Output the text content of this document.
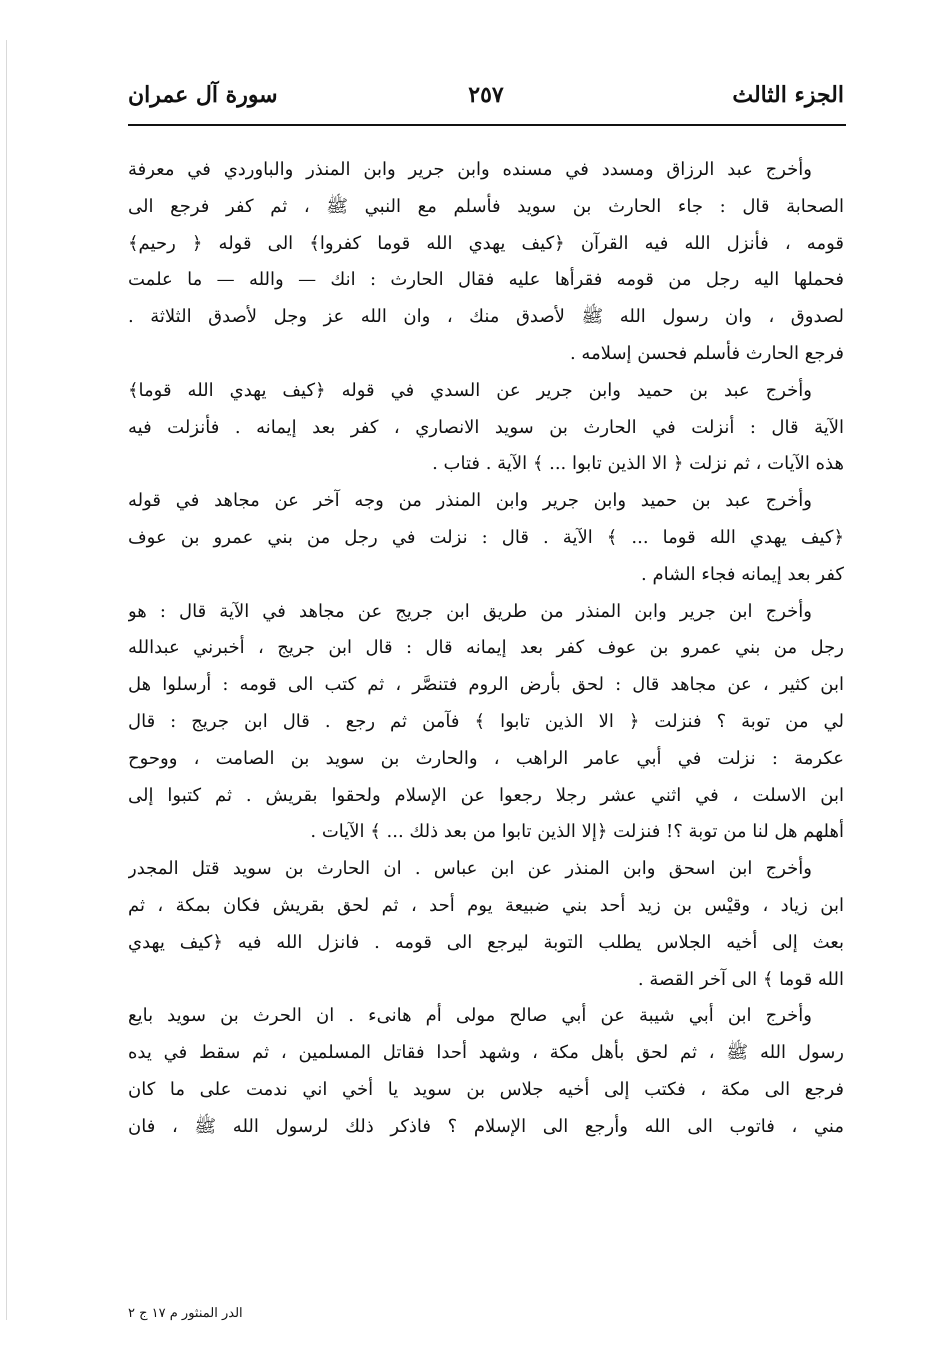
الجزء الثالث
٢٥٧
سورة آل عمران
وأخرج عبد الرزاق ومسدد في مسنده وابن جرير وابن المنذر والباوردي في معرفة
الصحابة قال : جاء الحارث بن سويد فأسلم مع النبي ﷺ ، ثم كفر فرجع الى
قومه ، فأنزل الله فيه القرآن ﴿كيف يهدي الله قوما كفروا﴾ الى قوله ﴿ رحيم﴾
فحملها اليه رجل من قومه فقرأها عليه فقال الحارث : انك — والله — ما علمت
لصدوق ، وان رسول الله ﷺ لأصدق منك ، وان الله عز وجل لأصدق الثلاثة .
فرجع الحارث فأسلم فحسن إسلامه .
وأخرج عبد بن حميد وابن جرير عن السدي في قوله ﴿كيف يهدي الله قوما﴾
الآية قال : أنزلت في الحارث بن سويد الانصاري ، كفر بعد إيمانه . فأنزلت فيه
هذه الآيات ، ثم نزلت ﴿ الا الذين تابوا ... ﴾ الآية . فتاب .
وأخرج عبد بن حميد وابن جرير وابن المنذر من وجه آخر عن مجاهد في قوله
﴿كيف يهدي الله قوما ... ﴾ الآية . قال : نزلت في رجل من بني عمرو بن عوف
كفر بعد إيمانه فجاء الشام .
وأخرج ابن جرير وابن المنذر من طريق ابن جريج عن مجاهد في الآية قال : هو
رجل من بني عمرو بن عوف كفر بعد إيمانه قال : قال ابن جريج ، أخبرني عبدالله
ابن كثير ، عن مجاهد قال : لحق بأرض الروم فتنصَّر ، ثم كتب الى قومه : أرسلوا هل
لي من توبة ؟ فنزلت ﴿ الا الذين تابوا ﴾ فآمن ثم رجع . قال ابن جريج : قال
عكرمة : نزلت في أبي عامر الراهب ، والحارث بن سويد بن الصامت ، ووحوح
ابن الاسلت ، في اثني عشر رجلا رجعوا عن الإسلام ولحقوا بقريش . ثم كتبوا إلى
أهلهم هل لنا من توبة ؟! فنزلت ﴿إلا الذين تابوا من بعد ذلك ... ﴾ الآيات .
وأخرج ابن اسحق وابن المنذر عن ابن عباس . ان الحارث بن سويد قتل المجدر
ابن زياد ، وقيْس بن زيد أحد بني ضبيعة يوم أحد ، ثم لحق بقريش فكان بمكة ، ثم
بعث إلى أخيه الجلاس يطلب التوبة ليرجع الى قومه . فانزل الله فيه ﴿كيف يهدي
الله قوما ﴾ الى آخر القصة .
وأخرج ابن أبي شيبة عن أبي صالح مولى أم هانىء . ان الحرث بن سويد بايع
رسول الله ﷺ ، ثم لحق بأهل مكة ، وشهد أحدا فقاتل المسلمين ، ثم سقط في يده
فرجع الى مكة ، فكتب إلى أخيه جلاس بن سويد يا أخي اني ندمت على ما كان
مني ، فاتوب الى الله وأرجع الى الإسلام ؟ فاذكر ذلك لرسول الله ﷺ ، فان
الدر المنثور م ١٧ ج ٢
